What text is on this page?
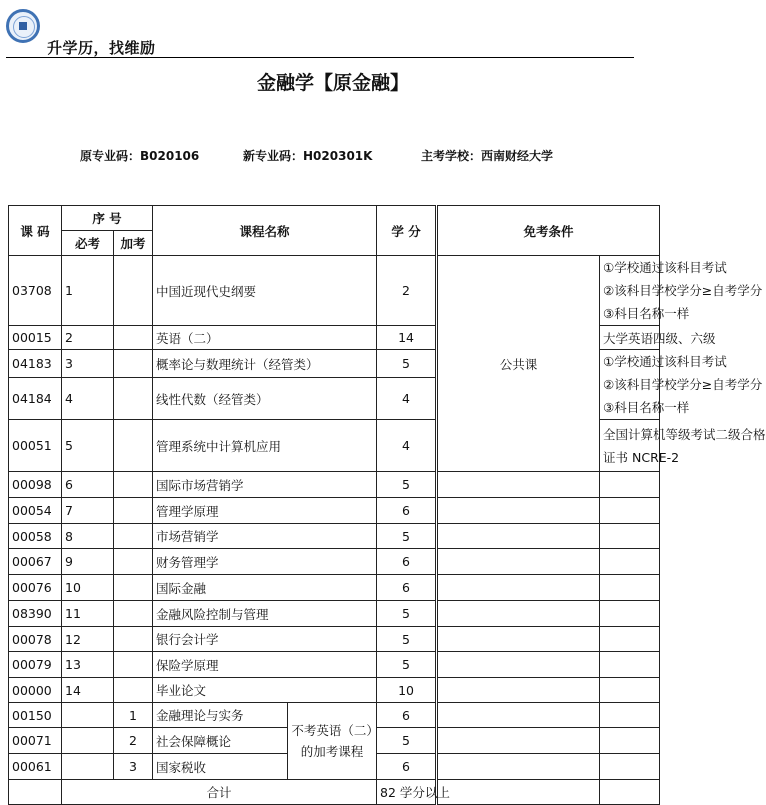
升学历，找维励
金融学【原金融】
原专业码：B020106	新专业码：H020301K	主考学校：西南财经大学
课 码	序 号		课程名称		学 分	免考条件	
	必考	加考					
03708	1		中国近现代史纲要		2	公共课	①学校通过该科目考试
②该科目学校学分≥自考学分
③科目名称一样

00015	2		英语（二）		14		大学英语四级、六级
04183	3		概率论与数理统计（经管类）		5		①学校通过该科目考试
②该科目学校学分≥自考学分
③科目名称一样

04184	4		线性代数（经管类）		4		
00051	5		管理系统中计算机应用		4		全国计算机等级考试二级合格
证书 NCRE-2

00098	6		国际市场营销学		5		
00054	7		管理学原理		6		
00058	8		市场营销学		5		
00067	9		财务管理学		6		
00076	10		国际金融		6		
08390	11		金融风险控制与管理		5		
00078	12		银行会计学		5		
00079	13		保险学原理		5		
00000	14		毕业论文		10		
00150		1	金融理论与实务	不考英语（二）的加考课程	6		
00071		2	社会保障概论		5		
00061		3	国家税收		6		
	合计				82 学分以上		
